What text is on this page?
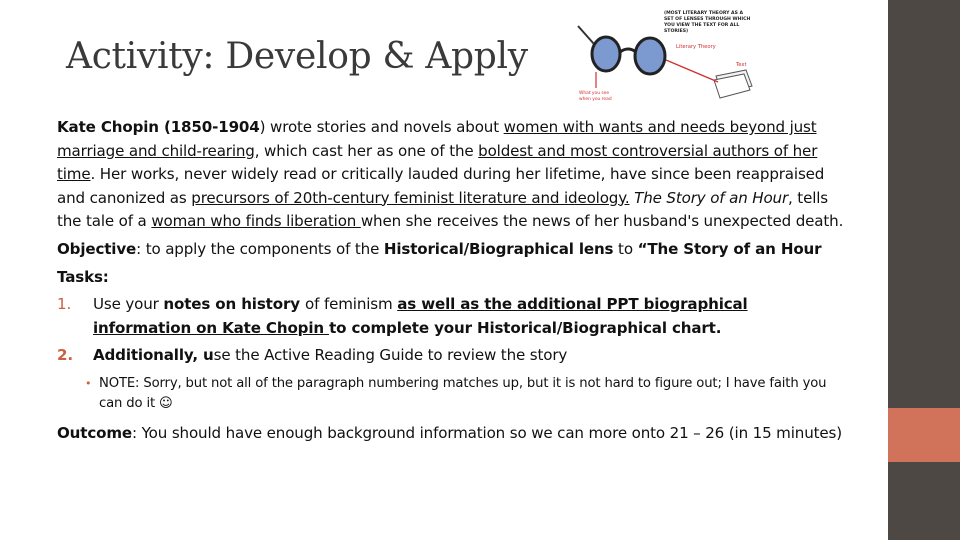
Activity: Develop & Apply
(MOST LITERARY THEORY AS A
SET OF LENSES THROUGH WHICH
YOU VIEW THE TEXT FOR ALL
STORIES)
Literary Theory
Text
What you see
when you read

Kate Chopin (1850-1904) wrote stories and novels about women with wants and needs beyond just marriage and child-rearing, which cast her as one of the boldest and most controversial authors of her time. Her works, never widely read or critically lauded during her lifetime, have since been reappraised and canonized as precursors of 20th-century feminist literature and ideology. The Story of an Hour, tells the tale of a woman who finds liberation when she receives the news of her husband's unexpected death.

Objective: to apply the components of the Historical/Biographical lens to “The Story of an Hour

Tasks:

1. Use your notes on history of feminism as well as the additional PPT biographical information on Kate Chopin to complete your Historical/Biographical chart.
2. Additionally, use the Active Reading Guide to review the story
• NOTE: Sorry, but not all of the paragraph numbering matches up, but it is not hard to figure out; I have faith you can do it ☺

Outcome: You should have enough background information so we can more onto 21 – 26 (in 15 minutes)
